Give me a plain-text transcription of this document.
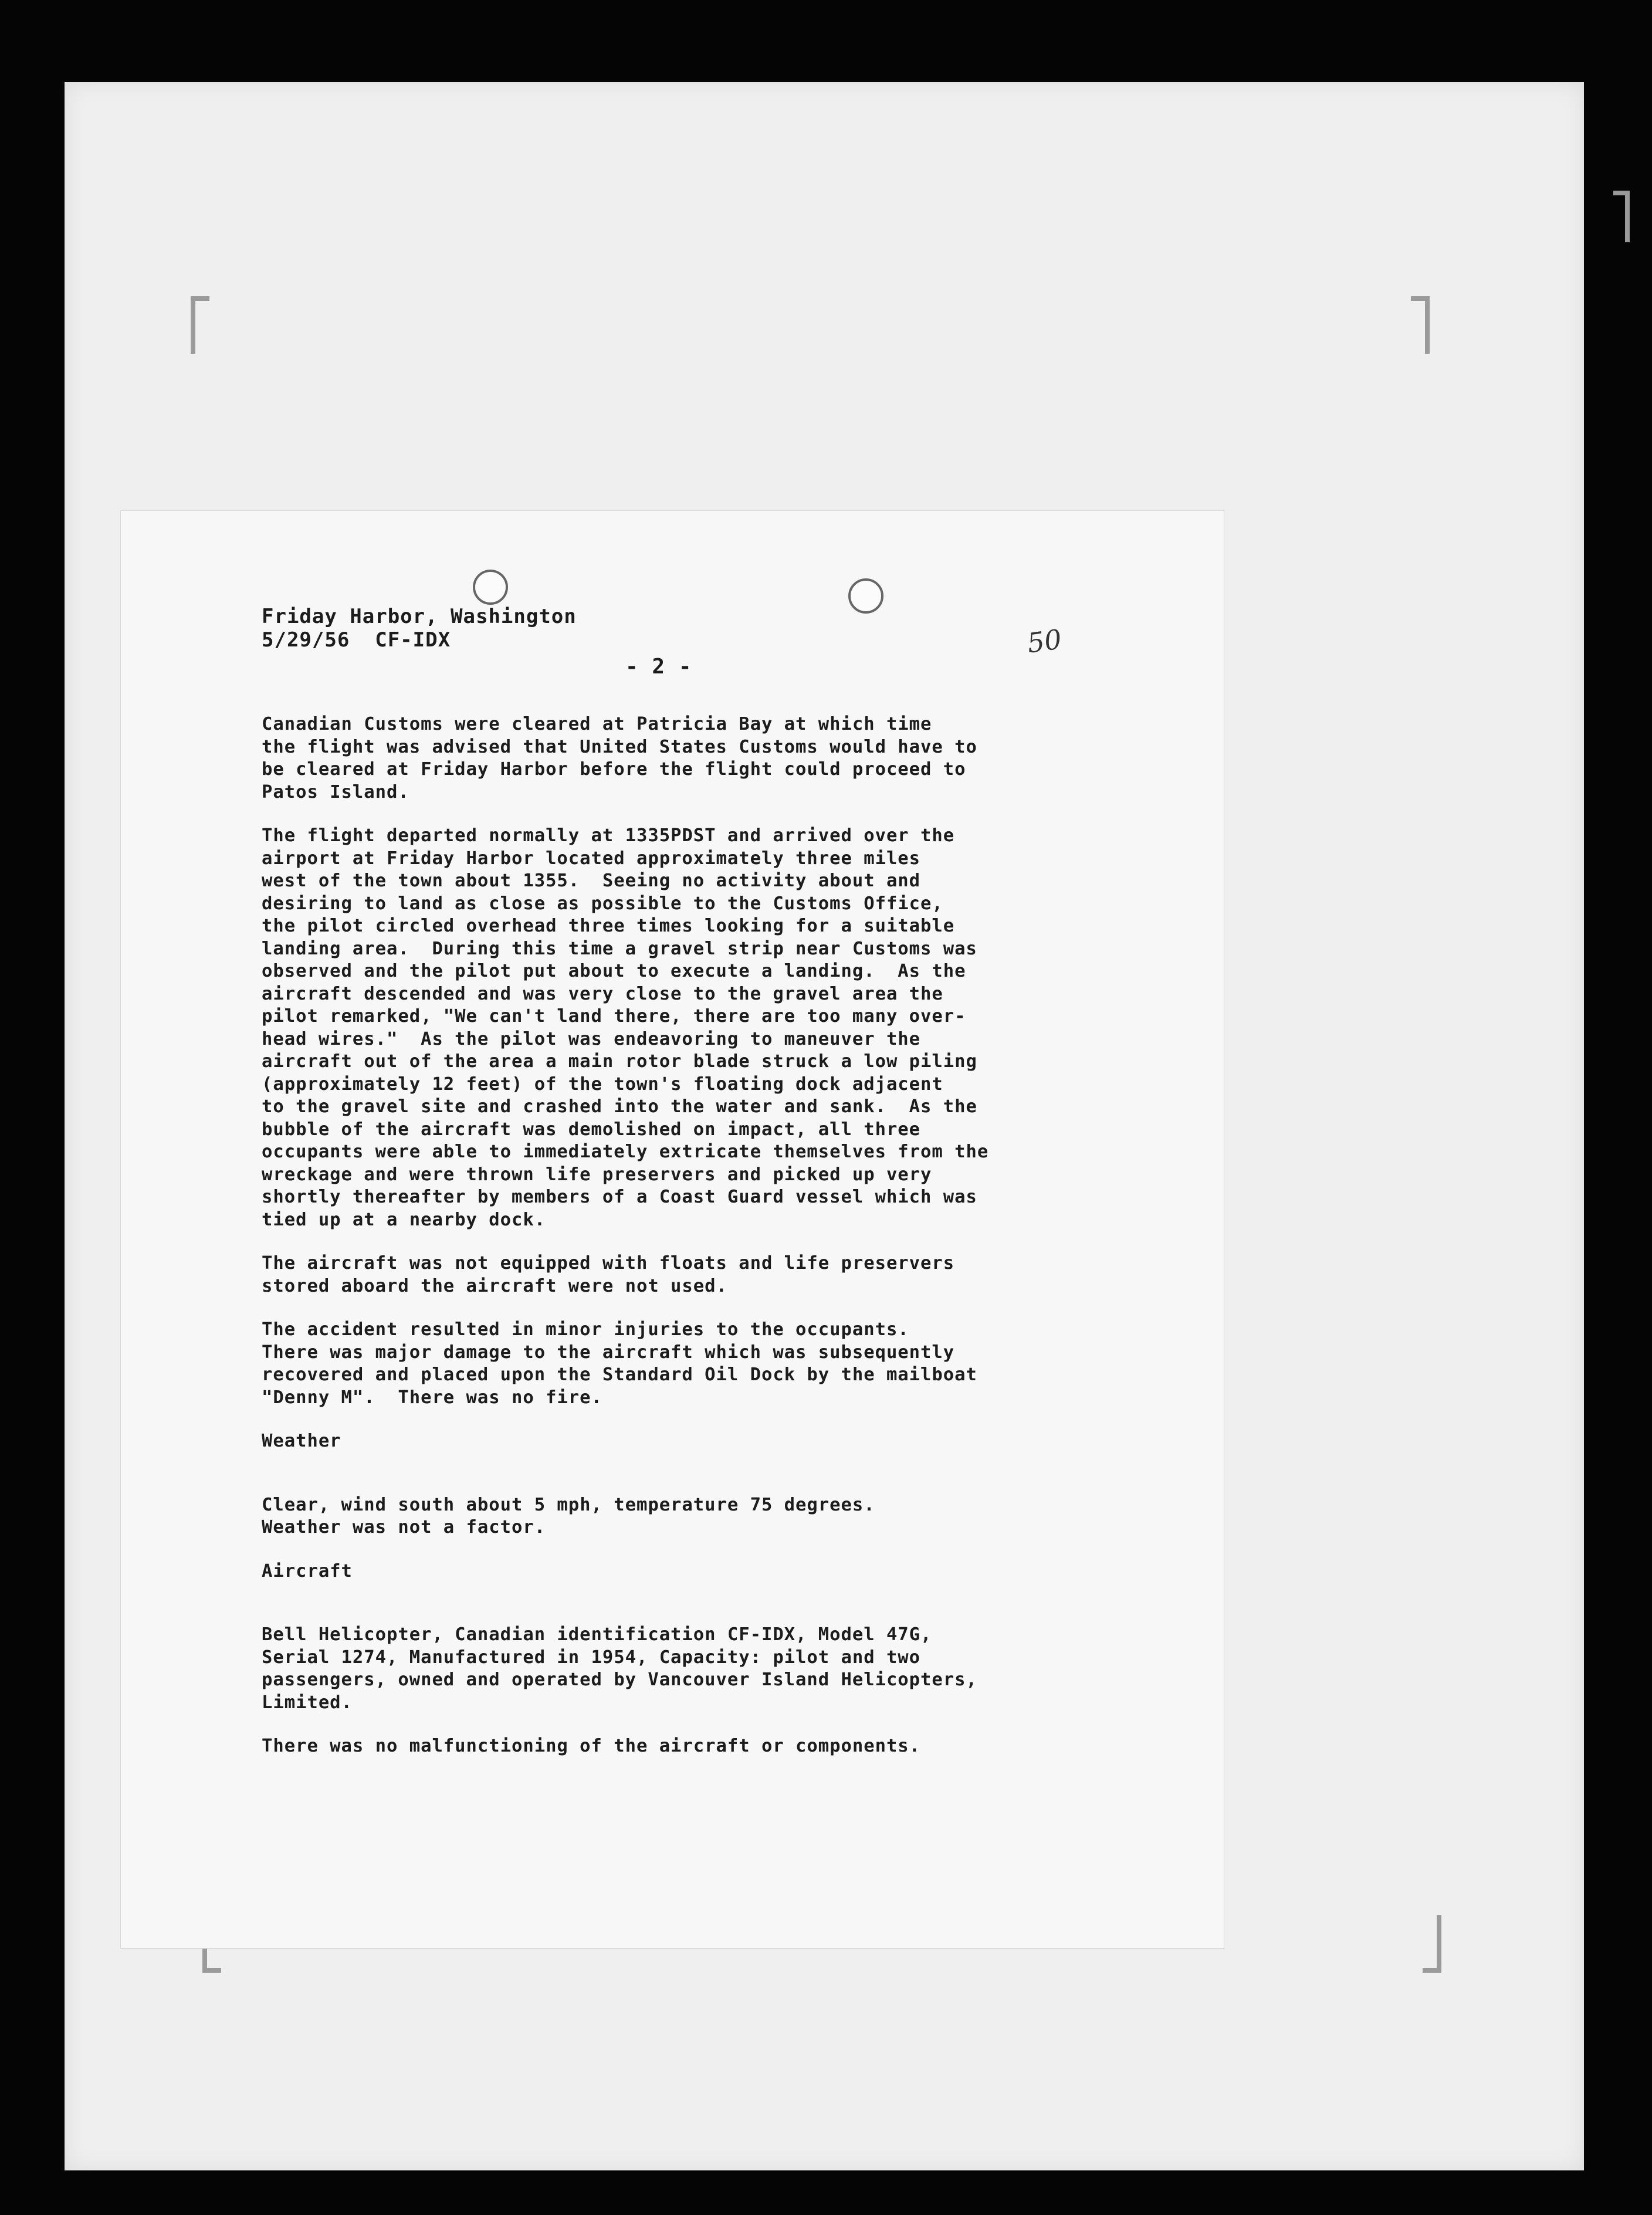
Friday Harbor, Washington
5/29/56  CF-IDX
- 2 -
50

Canadian Customs were cleared at Patricia Bay at which time
the flight was advised that United States Customs would have to
be cleared at Friday Harbor before the flight could proceed to
Patos Island.

The flight departed normally at 1335PDST and arrived over the
airport at Friday Harbor located approximately three miles
west of the town about 1355.  Seeing no activity about and
desiring to land as close as possible to the Customs Office,
the pilot circled overhead three times looking for a suitable
landing area.  During this time a gravel strip near Customs was
observed and the pilot put about to execute a landing.  As the
aircraft descended and was very close to the gravel area the
pilot remarked, "We can't land there, there are too many over-
head wires."  As the pilot was endeavoring to maneuver the
aircraft out of the area a main rotor blade struck a low piling
(approximately 12 feet) of the town's floating dock adjacent
to the gravel site and crashed into the water and sank.  As the
bubble of the aircraft was demolished on impact, all three
occupants were able to immediately extricate themselves from the
wreckage and were thrown life preservers and picked up very
shortly thereafter by members of a Coast Guard vessel which was
tied up at a nearby dock.

The aircraft was not equipped with floats and life preservers
stored aboard the aircraft were not used.

The accident resulted in minor injuries to the occupants.
There was major damage to the aircraft which was subsequently
recovered and placed upon the Standard Oil Dock by the mailboat
"Denny M".  There was no fire.

Weather

Clear, wind south about 5 mph, temperature 75 degrees.
Weather was not a factor.

Aircraft

Bell Helicopter, Canadian identification CF-IDX, Model 47G,
Serial 1274, Manufactured in 1954, Capacity: pilot and two
passengers, owned and operated by Vancouver Island Helicopters,
Limited.

There was no malfunctioning of the aircraft or components.
